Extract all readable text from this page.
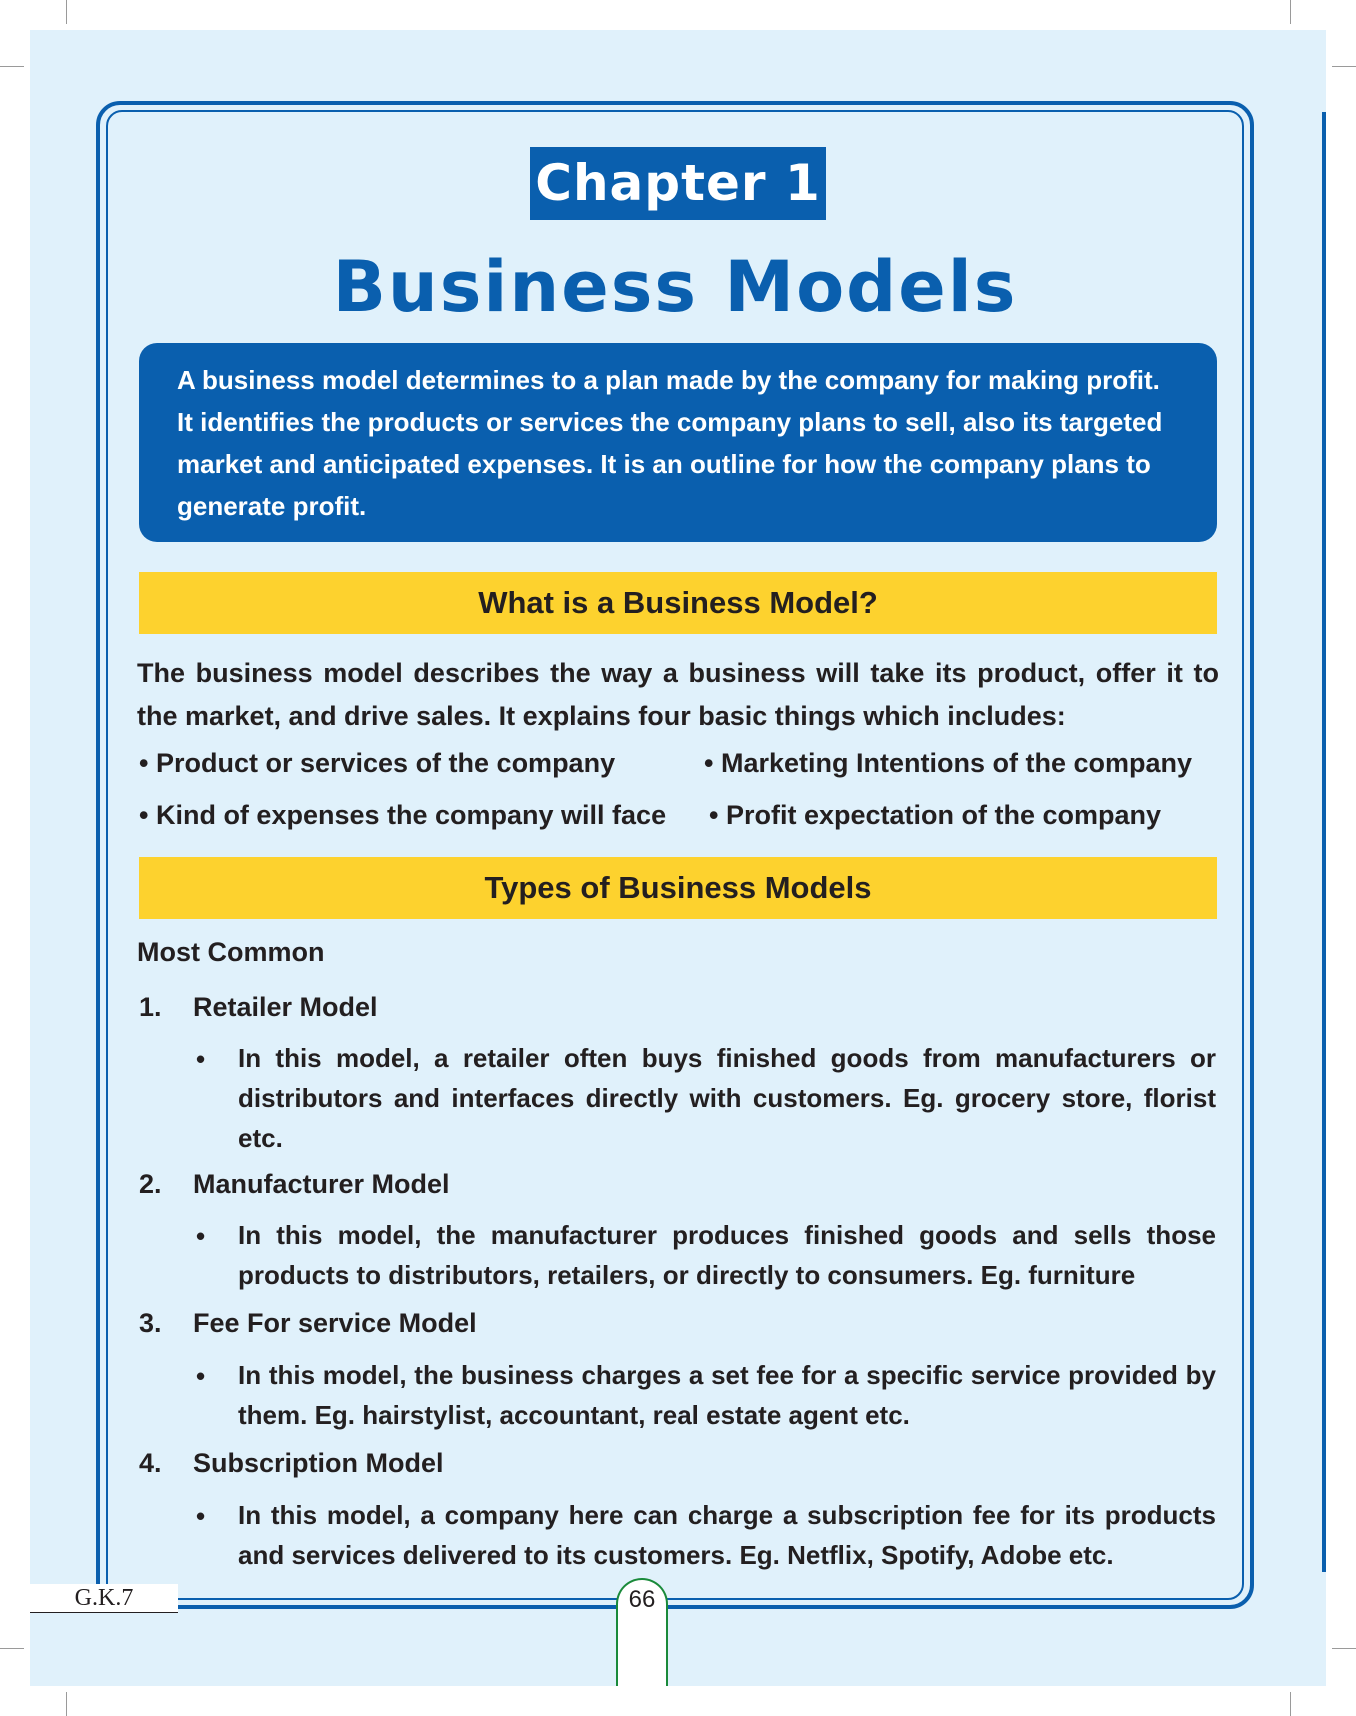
Chapter 1
Business Models

A business model determines to a plan made by the company for making profit. It identifies the products or services the company plans to sell, also its targeted market and anticipated expenses. It is an outline for how the company plans to generate profit.

What is a Business Model?

The business model describes the way a business will take its product, offer it to the market, and drive sales. It explains four basic things which includes:

• Product or services of the company	• Marketing Intentions of the company
• Kind of expenses the company will face • Profit expectation of the company
Types of Business Models
Most Common
1. Retailer Model
• In this model, a retailer often buys finished goods from manufacturers or distributors and interfaces directly with customers. Eg. grocery store, florist etc.

2. Manufacturer Model
• In this model, the manufacturer produces finished goods and sells those products to distributors, retailers, or directly to consumers. Eg. furniture

3. Fee For service Model
• In this model, the business charges a set fee for a specific service provided by them. Eg. hairstylist, accountant, real estate agent etc.

4. Subscription Model
• In this model, a company here can charge a subscription fee for its products and services delivered to its customers. Eg. Netflix, Spotify, Adobe etc.

G.K.7	66
